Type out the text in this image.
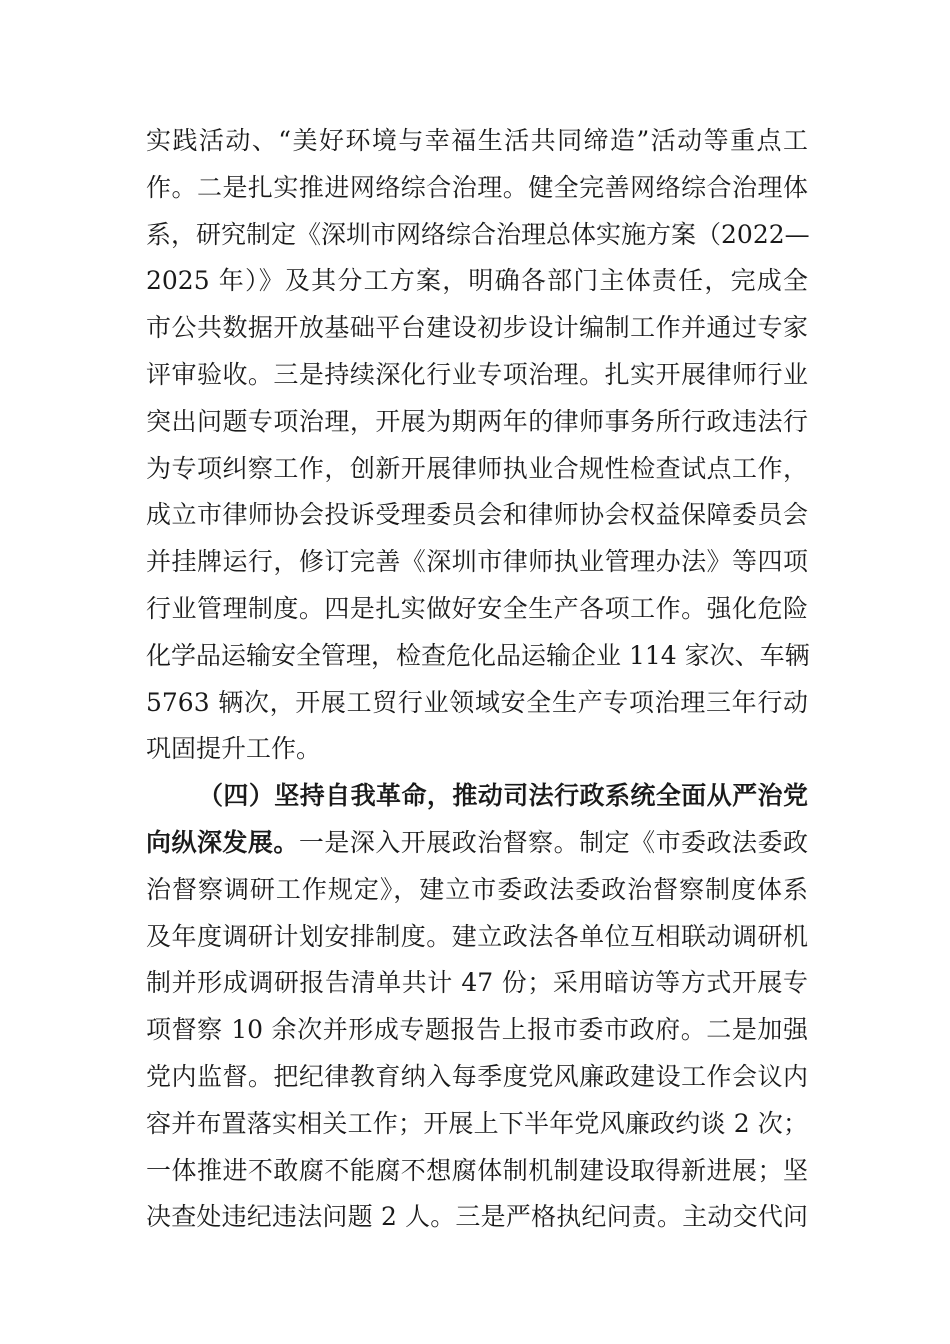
实践活动、“美好环境与幸福生活共同缔造”活动等重点工
作。二是扎实推进网络综合治理。健全完善网络综合治理体
系，研究制定《深圳市网络综合治理总体实施方案（2022—
2025 年）》及其分工方案，明确各部门主体责任，完成全
市公共数据开放基础平台建设初步设计编制工作并通过专家
评审验收。三是持续深化行业专项治理。扎实开展律师行业
突出问题专项治理，开展为期两年的律师事务所行政违法行
为专项纠察工作，创新开展律师执业合规性检查试点工作，
成立市律师协会投诉受理委员会和律师协会权益保障委员会
并挂牌运行，修订完善《深圳市律师执业管理办法》等四项
行业管理制度。四是扎实做好安全生产各项工作。强化危险
化学品运输安全管理，检查危化品运输企业 114 家次、车辆
5763 辆次，开展工贸行业领域安全生产专项治理三年行动
巩固提升工作。
（四）坚持自我革命，推动司法行政系统全面从严治党
向纵深发展。一是深入开展政治督察。制定《市委政法委政
治督察调研工作规定》，建立市委政法委政治督察制度体系
及年度调研计划安排制度。建立政法各单位互相联动调研机
制并形成调研报告清单共计 47 份；采用暗访等方式开展专
项督察 10 余次并形成专题报告上报市委市政府。二是加强
党内监督。把纪律教育纳入每季度党风廉政建设工作会议内
容并布置落实相关工作；开展上下半年党风廉政约谈 2 次；
一体推进不敢腐不能腐不想腐体制机制建设取得新进展；坚
决查处违纪违法问题 2 人。三是严格执纪问责。主动交代问
